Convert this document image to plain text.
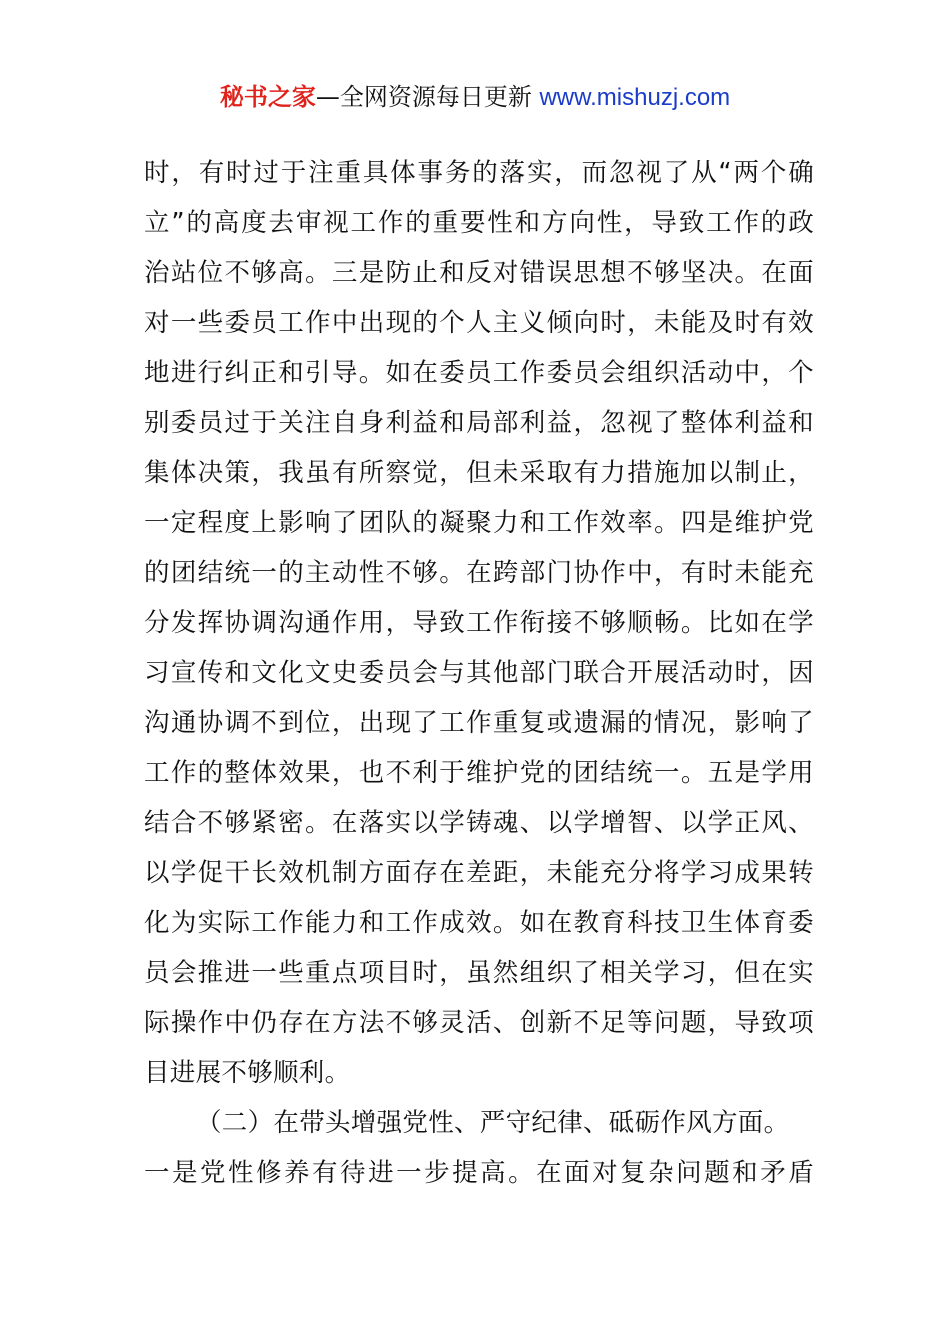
秘书之家—全网资源每日更新 www.mishuzj.com
时，有时过于注重具体事务的落实，而忽视了从“两个确
立”的高度去审视工作的重要性和方向性，导致工作的政
治站位不够高。三是防止和反对错误思想不够坚决。在面
对一些委员工作中出现的个人主义倾向时，未能及时有效
地进行纠正和引导。如在委员工作委员会组织活动中，个
别委员过于关注自身利益和局部利益，忽视了整体利益和
集体决策，我虽有所察觉，但未采取有力措施加以制止，
一定程度上影响了团队的凝聚力和工作效率。四是维护党
的团结统一的主动性不够。在跨部门协作中，有时未能充
分发挥协调沟通作用，导致工作衔接不够顺畅。比如在学
习宣传和文化文史委员会与其他部门联合开展活动时，因
沟通协调不到位，出现了工作重复或遗漏的情况，影响了
工作的整体效果，也不利于维护党的团结统一。五是学用
结合不够紧密。在落实以学铸魂、以学增智、以学正风、
以学促干长效机制方面存在差距，未能充分将学习成果转
化为实际工作能力和工作成效。如在教育科技卫生体育委
员会推进一些重点项目时，虽然组织了相关学习，但在实
际操作中仍存在方法不够灵活、创新不足等问题，导致项
目进展不够顺利。
（二）在带头增强党性、严守纪律、砥砺作风方面。
一是党性修养有待进一步提高。在面对复杂问题和矛盾
